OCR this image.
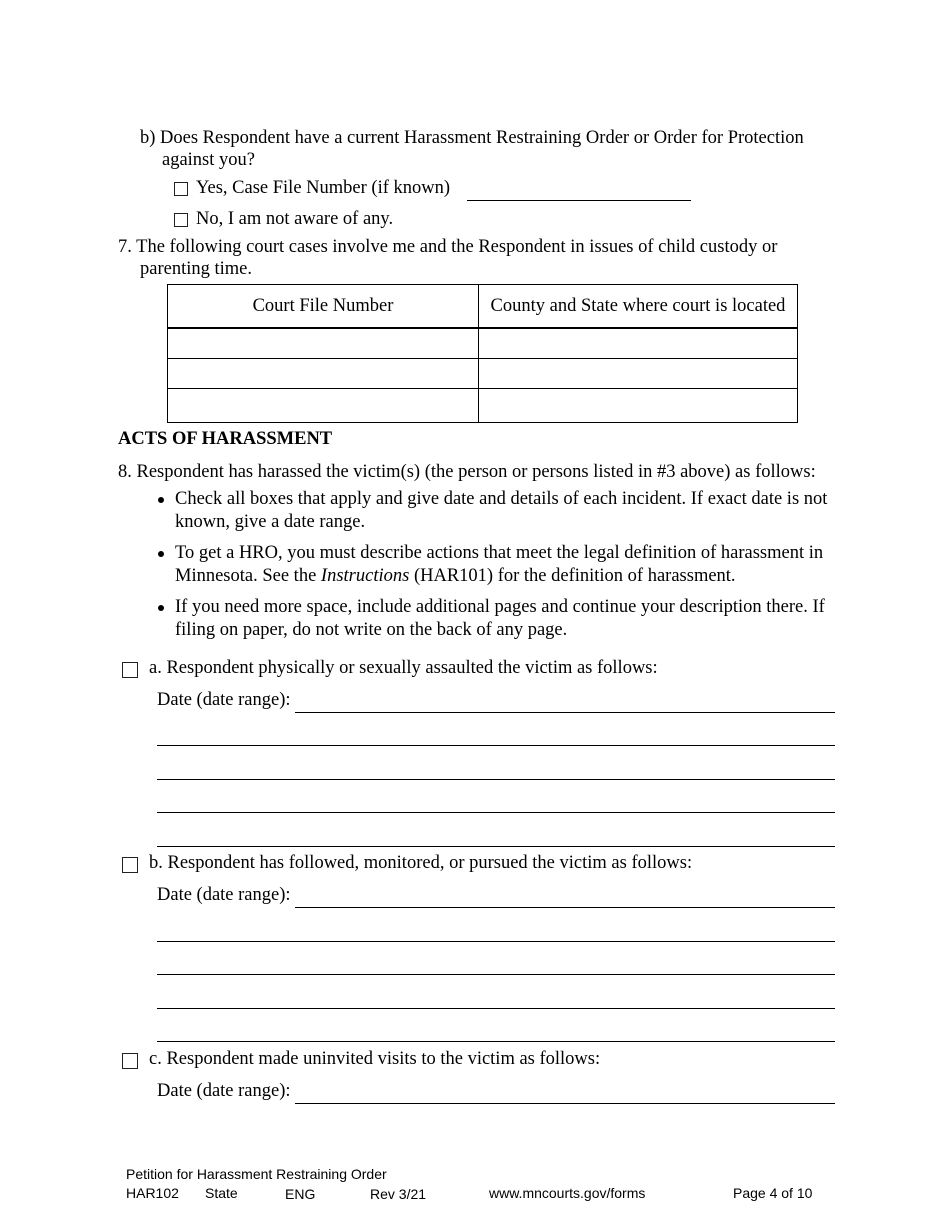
b) Does Respondent have a current Harassment Restraining Order or Order for Protection
against you?
Yes, Case File Number (if known)
No, I am not aware of any.
7. The following court cases involve me and the Respondent in issues of child custody or
parenting time.
Court File Number	County and State where court is located

ACTS OF HARASSMENT
8. Respondent has harassed the victim(s) (the person or persons listed in #3 above) as follows:
Check all boxes that apply and give date and details of each incident. If exact date is not
known, give a date range.
To get a HRO, you must describe actions that meet the legal definition of harassment in
Minnesota. See the Instructions (HAR101) for the definition of harassment.
If you need more space, include additional pages and continue your description there. If
filing on paper, do not write on the back of any page.
a. Respondent physically or sexually assaulted the victim as follows:
Date (date range):
b. Respondent has followed, monitored, or pursued the victim as follows:
Date (date range):
c. Respondent made uninvited visits to the victim as follows:
Date (date range):
Petition for Harassment Restraining Order
HAR102 State	ENG	Rev 3/21	www.mncourts.gov/forms	Page 4 of 10
